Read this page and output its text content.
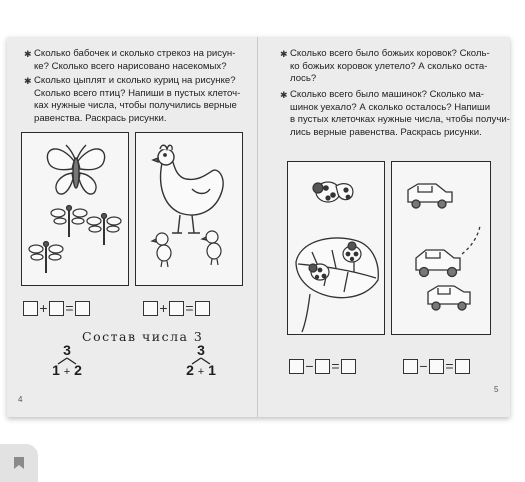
✱ Сколько бабочек и сколько стрекоз на рисун-
ке? Сколько всего нарисовано насекомых?
✱ Сколько цыплят и сколько куриц на рисунке?
Сколько всего птиц? Напиши в пустых клеточ-
ках нужные числа, чтобы получились верные
равенства. Раскрась рисунки.
+ =	+ =
Состав числа 3
3
1 + 2
3
2 + 1
4
✱ Сколько всего было божьих коровок? Сколь-
ко божьих коровок улетело? А сколько оста-
лось?
✱ Сколько всего было машинок? Сколько ма-
шинок уехало? А сколько осталось? Напиши
в пустых клеточках нужные числа, чтобы получи-
лись верные равенства. Раскрась рисунки.
− =	− =
5
